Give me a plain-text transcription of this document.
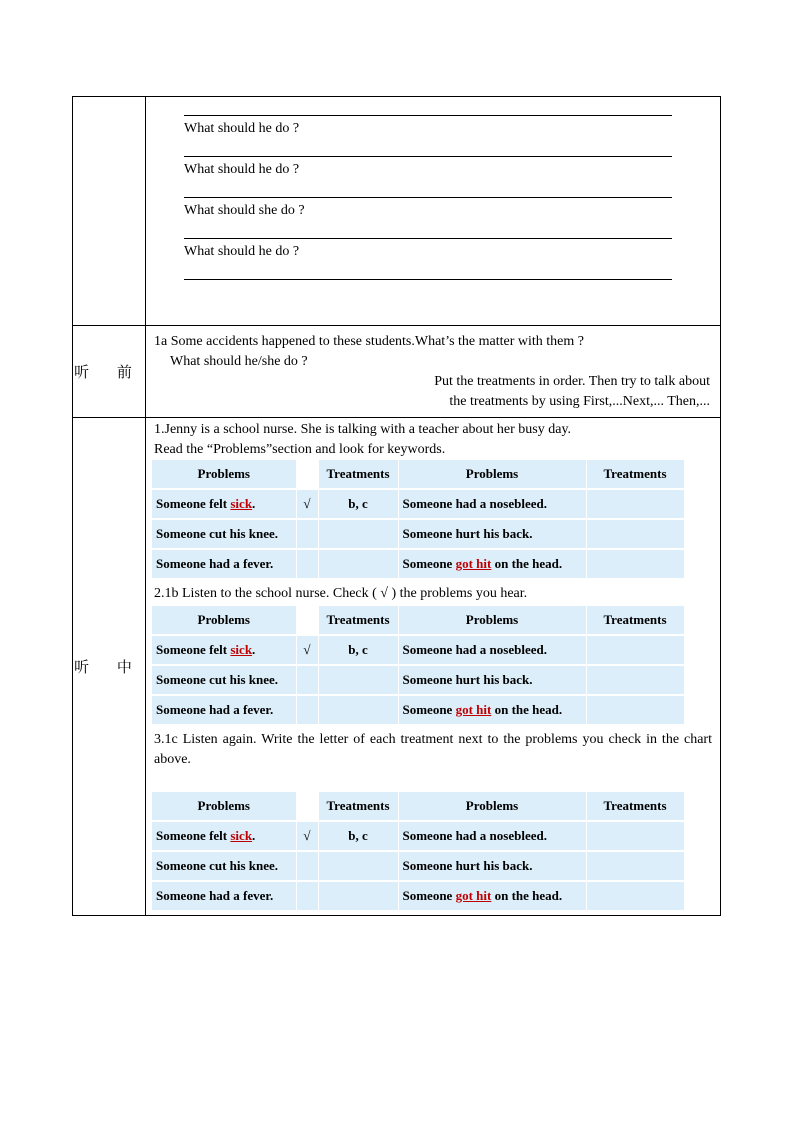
What should he do ?
What should he do ?
What should she do ?
What should he do ?

听 前	
1a Some accidents happened to these students.What’s the matter with them ?
What should he/she do ?
Put the treatments in order. Then try to talk about
the treatments by using First,...Next,... Then,...

听 中	
1.Jenny is a school nurse. She is talking with a teacher about her busy day.
Read the “Problems”section and look for keywords.
Problems		Treatments	Problems	Treatments
Someone felt sick.	√	b, c	Someone had a nosebleed.	
Someone cut his knee.			Someone hurt his back.	
Someone had a fever.			Someone got hit on the head.	
2.1b Listen to the school nurse. Check ( √ ) the problems you hear.
Problems		Treatments	Problems	Treatments
Someone felt sick.	√	b, c	Someone had a nosebleed.	
Someone cut his knee.			Someone hurt his back.	
Someone had a fever.			Someone got hit on the head.	
3.1c Listen again. Write the letter of each treatment next to the problems you check in the chart above.
Problems		Treatments	Problems	Treatments
Someone felt sick.	√	b, c	Someone had a nosebleed.	
Someone cut his knee.			Someone hurt his back.	
Someone had a fever.			Someone got hit on the head.	
